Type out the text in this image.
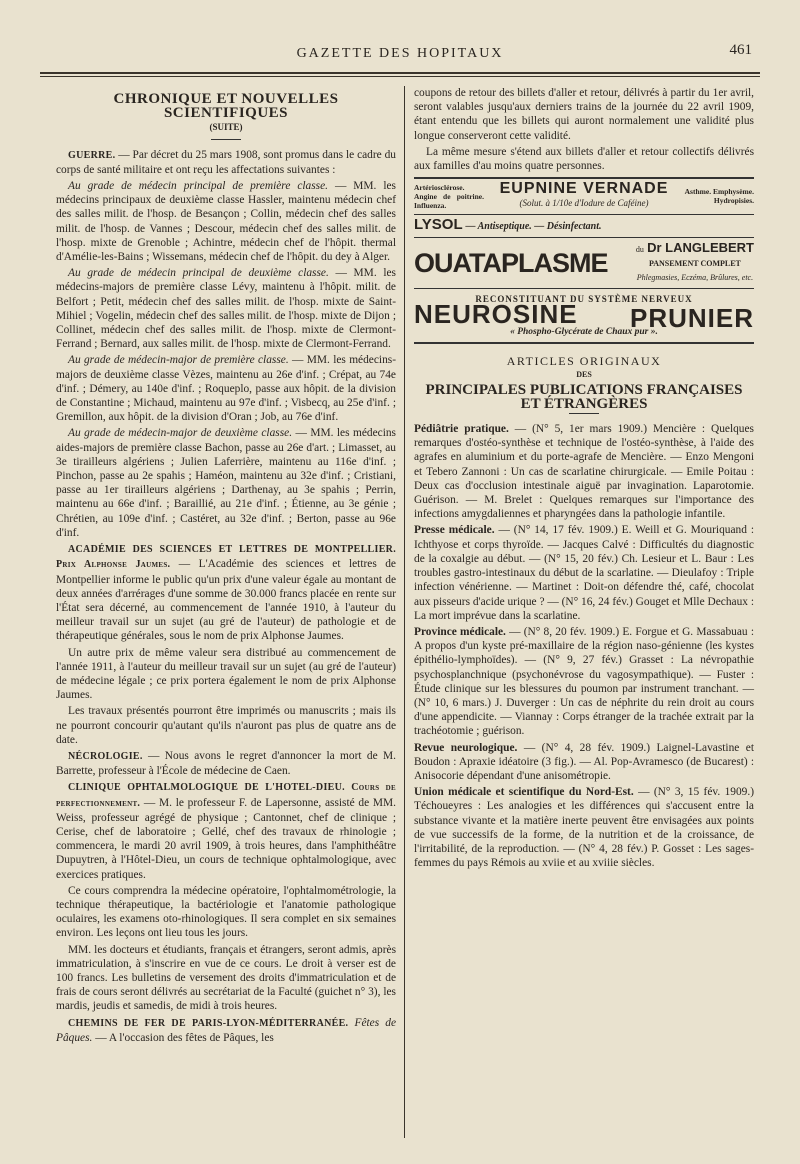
GAZETTE DES HOPITAUX	461
CHRONIQUE ET NOUVELLES SCIENTIFIQUES
(SUITE)

GUERRE. — Par décret du 25 mars 1908, sont promus dans le cadre du corps de santé militaire et ont reçu les affectations suivantes :

Au grade de médecin principal de première classe. — MM. les médecins principaux de deuxième classe Hassler, maintenu médecin chef des salles milit. de l'hosp. de Besançon ; Collin, médecin chef des salles milit. de l'hosp. de Vannes ; Descour, médecin chef des salles milit. de l'hosp. mixte de Grenoble ; Achintre, médecin chef de l'hôpit. thermal d'Amélie-les-Bains ; Wissemans, médecin chef de l'hôpit. du dey à Alger.

Au grade de médecin principal de deuxième classe. — MM. les médecins-majors de première classe Lévy, maintenu à l'hôpit. milit. de Belfort ; Petit, médecin chef des salles milit. de l'hosp. mixte de Saint-Mihiel ; Vogelin, médecin chef des salles milit. de l'hosp. mixte de Dijon ; Collinet, médecin chef des salles milit. de l'hosp. mixte de Clermont-Ferrand ; Bernard, aux salles milit. de l'hosp. mixte de Clermont-Ferrand.

Au grade de médecin-major de première classe. — MM. les médecins-majors de deuxième classe Vèzes, maintenu au 26e d'inf. ; Crépat, au 74e d'inf. ; Démery, au 140e d'inf. ; Roqueplo, passe aux hôpit. de la division de Constantine ; Michaud, maintenu au 97e d'inf. ; Visbecq, au 25e d'inf. ; Gremillon, aux hôpit. de la division d'Oran ; Job, au 76e d'inf.

Au grade de médecin-major de deuxième classe. — MM. les médecins aides-majors de première classe Bachon, passe au 26e d'art. ; Limasset, au 3e tirailleurs algériens ; Julien Laferrière, maintenu au 116e d'inf. ; Pinchon, passe au 2e spahis ; Haméon, maintenu au 32e d'inf. ; Cristiani, passe au 1er tirailleurs algériens ; Darthenay, au 3e spahis ; Perrin, maintenu au 66e d'inf. ; Baraillié, au 21e d'inf. ; Étienne, au 3e génie ; Chrétien, au 109e d'inf. ; Castéret, au 32e d'inf. ; Berton, passe au 96e d'inf.

ACADÉMIE DES SCIENCES ET LETTRES DE MONTPELLIER. Prix Alphonse Jaumes. — L'Académie des sciences et lettres de Montpellier informe le public qu'un prix d'une valeur égale au montant de deux années d'arrérages d'une somme de 30.000 francs placée en rente sur l'État sera décerné, au commencement de l'année 1910, à l'auteur du meilleur travail sur un sujet (au gré de l'auteur) de pathologie et de thérapeutique générales, sous le nom de prix Alphonse Jaumes.

Un autre prix de même valeur sera distribué au commencement de l'année 1911, à l'auteur du meilleur travail sur un sujet (au gré de l'auteur) de médecine légale ; ce prix portera également le nom de prix Alphonse Jaumes.

Les travaux présentés pourront être imprimés ou manuscrits ; mais ils ne pourront concourir qu'autant qu'ils n'auront pas plus de quatre ans de date.

NÉCROLOGIE. — Nous avons le regret d'annoncer la mort de M. Barrette, professeur à l'École de médecine de Caen.

CLINIQUE OPHTALMOLOGIQUE DE L'HOTEL-DIEU. Cours de perfectionnement. — M. le professeur F. de Lapersonne, assisté de MM. Weiss, professeur agrégé de physique ; Cantonnet, chef de clinique ; Cerise, chef de laboratoire ; Gellé, chef des travaux de rhinologie ; commencera, le mardi 20 avril 1909, à trois heures, dans l'amphithéâtre Dupuytren, à l'Hôtel-Dieu, un cours de technique ophtalmologique, avec exercices pratiques.

Ce cours comprendra la médecine opératoire, l'ophtalmométrologie, la technique thérapeutique, la bactériologie et l'anatomie pathologique oculaires, les examens oto-rhinologiques. Il sera complet en six semaines environ. Les leçons ont lieu tous les jours.

MM. les docteurs et étudiants, français et étrangers, seront admis, après immatriculation, à s'inscrire en vue de ce cours. Le droit à verser est de 100 francs. Les bulletins de versement des droits d'immatriculation et de frais de cours seront délivrés au secrétariat de la Faculté (guichet n° 3), les mardis, jeudis et samedis, de midi à trois heures.

CHEMINS DE FER DE PARIS-LYON-MÉDITERRANÉE. Fêtes de Pâques. — A l'occasion des fêtes de Pâques, les

coupons de retour des billets d'aller et retour, délivrés à partir du 1er avril, seront valables jusqu'aux derniers trains de la journée du 22 avril 1909, étant entendu que les billets qui auront normalement une validité plus longue conserveront cette validité.

La même mesure s'étend aux billets d'aller et retour collectifs délivrés aux familles d'au moins quatre personnes.

Artériosclérose. Angine de poitrine. Influenza.
EUPNINE VERNADE
(Solut. à 1/10e d'Iodure de Caféine)
Asthme. Emphysème. Hydropisies.
LYSOL — Antiseptique. — Désinfectant.
OUATAPLASME	du Dr LANGLEBERT
PANSEMENT COMPLET
Phlegmasies, Eczéma, Brûlures, etc.
RECONSTITUANT DU SYSTÈME NERVEUX
NEUROSINE	PRUNIER
« Phospho-Glycérate de Chaux pur ».
ARTICLES ORIGINAUX
DES
PRINCIPALES PUBLICATIONS FRANÇAISES
ET ÉTRANGÈRES

Pédiâtrie pratique. — (N° 5, 1er mars 1909.) Mencière : Quelques remarques d'ostéo-synthèse et technique de l'ostéo-synthèse, à l'aide des agrafes en aluminium et du porte-agrafe de Mencière. — Enzo Mengoni et Tebero Zannoni : Un cas de scarlatine chirurgicale. — Emile Poitau : Deux cas d'occlusion intestinale aiguë par invagination. Laparotomie. Guérison. — M. Brelet : Quelques remarques sur l'importance des infections amygdaliennes et pharyngées dans la pathologie infantile.

Presse médicale. — (N° 14, 17 fév. 1909.) E. Weill et G. Mouriquand : Ichthyose et corps thyroïde. — Jacques Calvé : Difficultés du diagnostic de la coxalgie au début. — (N° 15, 20 fév.) Ch. Lesieur et L. Baur : Les troubles gastro-intestinaux du début de la scarlatine. — Dieulafoy : Triple infection vénérienne. — Martinet : Doit-on défendre thé, café, chocolat aux pisseurs d'acide urique ? — (N° 16, 24 fév.) Gouget et Mlle Dechaux : La mort imprévue dans la scarlatine.

Province médicale. — (N° 8, 20 fév. 1909.) E. Forgue et G. Massabuau : A propos d'un kyste pré-maxillaire de la région naso-génienne (les kystes épithélio-lymphoïdes). — (N° 9, 27 fév.) Grasset : La névropathie psychosplanchnique (psychonévrose du vagosympathique). — Fuster : Étude clinique sur les blessures du poumon par instrument tranchant. — (N° 10, 6 mars.) J. Duverger : Un cas de néphrite du rein droit au cours d'une appendicite. — Viannay : Corps étranger de la trachée extrait par la trachéotomie ; guérison.

Revue neurologique. — (N° 4, 28 fév. 1909.) Laignel-Lavastine et Boudon : Apraxie idéatoire (3 fig.). — Al. Pop-Avramesco (de Bucarest) : Anisocorie dépendant d'une anisométropie.

Union médicale et scientifique du Nord-Est. — (N° 3, 15 fév. 1909.) Téchoueyres : Les analogies et les différences qui s'accusent entre la substance vivante et la matière inerte peuvent être envisagées aux points de vue successifs de la forme, de la nutrition et de la croissance, de l'irritabilité, de la reproduction. — (N° 4, 28 fév.) P. Gosset : Les sages-femmes du pays Rémois au xviie et au xviiie siècles.
